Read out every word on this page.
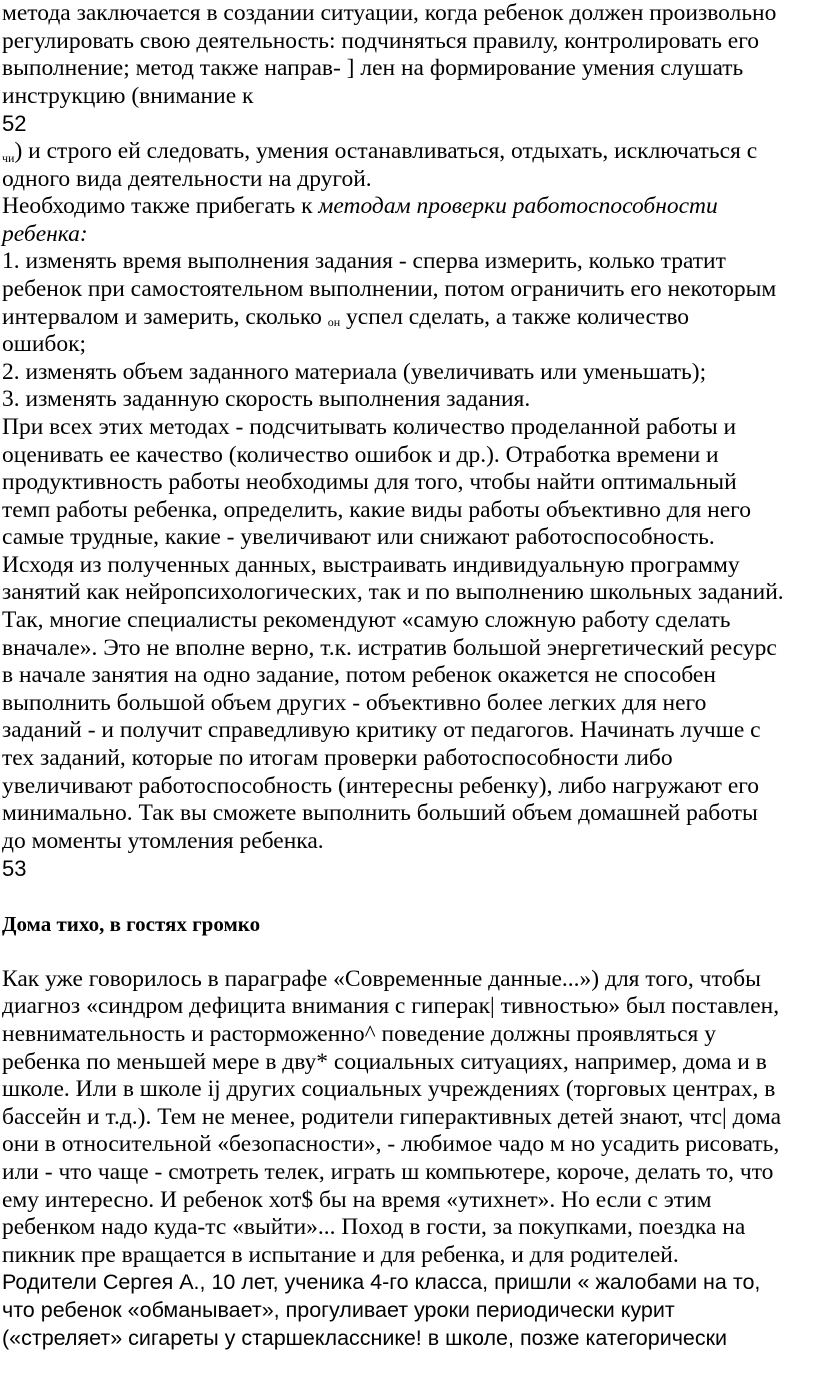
метода заключается в создании ситуации, когда ребенок должен произвольно
регулировать свою деятельность: подчиняться правилу, контролировать его
выполнение; метод также направ- ] лен на формирование умения слушать
инструкцию (внимание к
52
$_{чи}$) и строго ей следовать, умения останавливаться, отдыхать, исключаться с
одного вида деятельности на другой.
Необходимо также прибегать к методам проверки работоспособности
ребенка:
1. изменять время выполнения задания - сперва измерить, колько тратит
ребенок при самостоятельном выполнении, потом ограничить его некоторым
интервалом и замерить, сколько он успел сделать, а также количество
ошибок;
2. изменять объем заданного материала (увеличивать или уменьшать);
3. изменять заданную скорость выполнения задания.
При всех этих методах - подсчитывать количество проделанной работы и
оценивать ее качество (количество ошибок и др.). Отработка времени и
продуктивность работы необходимы для того, чтобы найти оптимальный
темп работы ребенка, определить, какие виды работы объективно для него
самые трудные, какие - увеличивают или снижают работоспособность.
Исходя из полученных данных, выстраивать индивидуальную программу
занятий как нейропсихологических, так и по выполнению школьных заданий.
Так, многие специалисты рекомендуют «самую сложную работу сделать
вначале». Это не вполне верно, т.к. истратив большой энергетический ресурс
в начале занятия на одно задание, потом ребенок окажется не способен
выполнить большой объем других - объективно более легких для него
заданий - и получит справедливую критику от педагогов. Начинать лучше с
тех заданий, которые по итогам проверки работоспособности либо
увеличивают работоспособность (интересны ребенку), либо нагружают его
минимально. Так вы сможете выполнить больший объем домашней работы
до моменты утомления ребенка.
53
Дома тихо, в гостях громко
Как уже говорилось в параграфе «Современные данные...») для того, чтобы
диагноз «синдром дефицита внимания с гиперак| тивностью» был поставлен,
невнимательность и расторможенно^ поведение должны проявляться у
ребенка по меньшей мере в дву* социальных ситуациях, например, дома и в
школе. Или в школе ij других социальных учреждениях (торговых центрах, в
бассейн и т.д.). Тем не менее, родители гиперактивных детей знают, чтс| дома
они в относительной «безопасности», - любимое чадо м но усадить рисовать,
или - что чаще - смотреть телек, играть ш компьютере, короче, делать то, что
ему интересно. И ребенок хот$ бы на время «утихнет». Но если с этим
ребенком надо куда-тс «выйти»... Поход в гости, за покупками, поездка на
пикник пре вращается в испытание и для ребенка, и для родителей.
Родители Сергея А., 10 лет, ученика 4-го класса, пришли « жалобами на то,
что ребенок «обманывает», прогуливает уроки периодически курит
(«стреляет» сигареты у старшеклассникe! в школе, позже категорически
